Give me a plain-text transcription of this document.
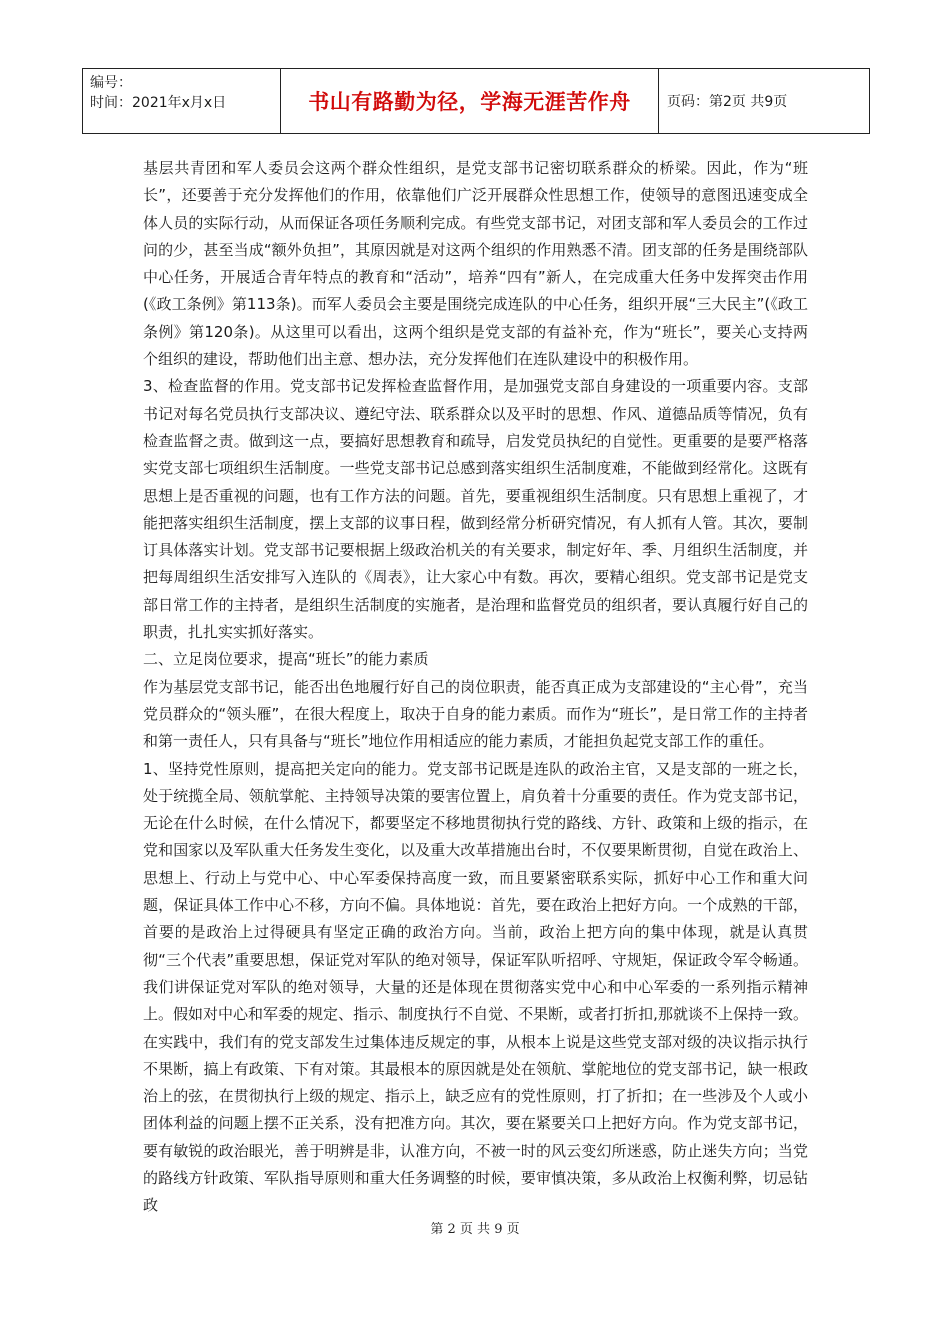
编号：
时间：2021年x月x日	书山有路勤为径，学海无涯苦作舟	页码：第2页 共9页

基层共青团和军人委员会这两个群众性组织，是党支部书记密切联系群众的桥梁。因此，作为“班长”，还要善于充分发挥他们的作用，依靠他们广泛开展群众性思想工作，使领导的意图迅速变成全体人员的实际行动，从而保证各项任务顺利完成。有些党支部书记，对团支部和军人委员会的工作过问的少，甚至当成“额外负担”，其原因就是对这两个组织的作用熟悉不清。团支部的任务是围绕部队中心任务，开展适合青年特点的教育和“活动”，培养“四有”新人，在完成重大任务中发挥突击作用(《政工条例》第113条)。而军人委员会主要是围绕完成连队的中心任务，组织开展“三大民主”(《政工条例》第120条)。从这里可以看出，这两个组织是党支部的有益补充，作为“班长”，要关心支持两个组织的建设，帮助他们出主意、想办法，充分发挥他们在连队建设中的积极作用。

3、检查监督的作用。党支部书记发挥检查监督作用，是加强党支部自身建设的一项重要内容。支部书记对每名党员执行支部决议、遵纪守法、联系群众以及平时的思想、作风、道德品质等情况，负有检查监督之责。做到这一点，要搞好思想教育和疏导，启发党员执纪的自觉性。更重要的是要严格落实党支部七项组织生活制度。一些党支部书记总感到落实组织生活制度难，不能做到经常化。这既有思想上是否重视的问题，也有工作方法的问题。首先，要重视组织生活制度。只有思想上重视了，才能把落实组织生活制度，摆上支部的议事日程，做到经常分析研究情况，有人抓有人管。其次，要制订具体落实计划。党支部书记要根据上级政治机关的有关要求，制定好年、季、月组织生活制度，并把每周组织生活安排写入连队的《周表》，让大家心中有数。再次，要精心组织。党支部书记是党支部日常工作的主持者，是组织生活制度的实施者，是治理和监督党员的组织者，要认真履行好自己的职责，扎扎实实抓好落实。

二、立足岗位要求，提高“班长”的能力素质

作为基层党支部书记，能否出色地履行好自己的岗位职责，能否真正成为支部建设的“主心骨”，充当党员群众的“领头雁”，在很大程度上，取决于自身的能力素质。而作为“班长”，是日常工作的主持者和第一责任人，只有具备与“班长”地位作用相适应的能力素质，才能担负起党支部工作的重任。

1、坚持党性原则，提高把关定向的能力。党支部书记既是连队的政治主官，又是支部的一班之长，处于统揽全局、领航掌舵、主持领导决策的要害位置上，肩负着十分重要的责任。作为党支部书记，无论在什么时候，在什么情况下，都要坚定不移地贯彻执行党的路线、方针、政策和上级的指示，在党和国家以及军队重大任务发生变化，以及重大改革措施出台时，不仅要果断贯彻，自觉在政治上、思想上、行动上与党中心、中心军委保持高度一致，而且要紧密联系实际，抓好中心工作和重大问题，保证具体工作中心不移，方向不偏。具体地说：首先，要在政治上把好方向。一个成熟的干部，首要的是政治上过得硬具有坚定正确的政治方向。当前，政治上把方向的集中体现，就是认真贯彻“三个代表”重要思想，保证党对军队的绝对领导，保证军队听招呼、守规矩，保证政令军令畅通。我们讲保证党对军队的绝对领导，大量的还是体现在贯彻落实党中心和中心军委的一系列指示精神上。假如对中心和军委的规定、指示、制度执行不自觉、不果断，或者打折扣,那就谈不上保持一致。在实践中，我们有的党支部发生过集体违反规定的事，从根本上说是这些党支部对级的决议指示执行不果断，搞上有政策、下有对策。其最根本的原因就是处在领航、掌舵地位的党支部书记，缺一根政治上的弦，在贯彻执行上级的规定、指示上，缺乏应有的党性原则，打了折扣；在一些涉及个人或小团体利益的问题上摆不正关系，没有把准方向。其次，要在紧要关口上把好方向。作为党支部书记，要有敏锐的政治眼光，善于明辨是非，认准方向，不被一时的风云变幻所迷惑，防止迷失方向；当党的路线方针政策、军队指导原则和重大任务调整的时候，要审慎决策，多从政治上权衡利弊，切忌钻政

第 2 页 共 9 页
